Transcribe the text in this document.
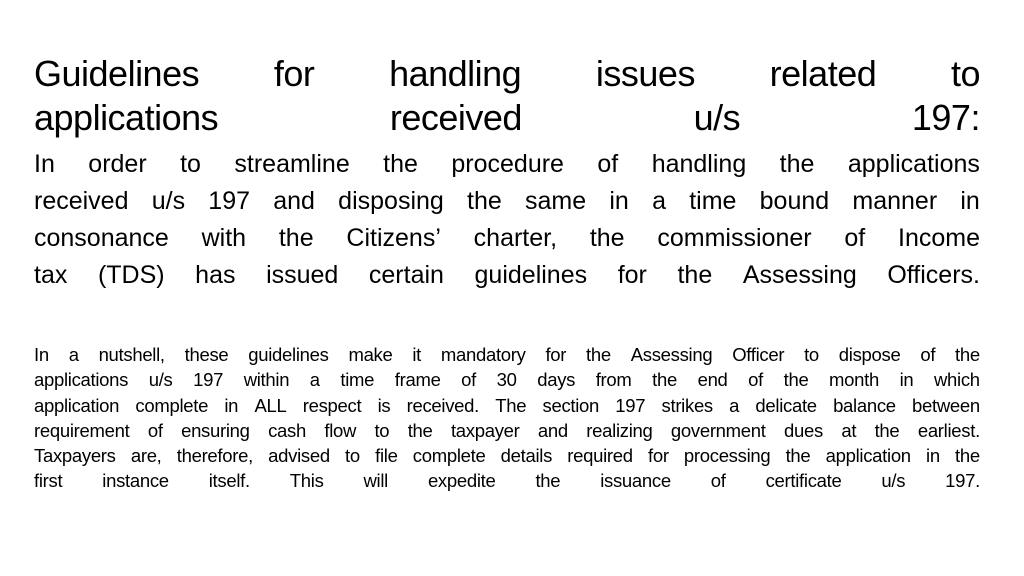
Guidelines for handling issues related to
applications	received	u/s	197:
In order to streamline the procedure of handling the applications
received u/s 197 and disposing the same in a time bound manner in
consonance with the Citizens’ charter, the commissioner of Income
tax (TDS) has issued certain guidelines for the Assessing Officers.
In a nutshell, these guidelines make it mandatory for the Assessing Officer to dispose of the
applications u/s 197 within a time frame of 30 days from the end of the month in which
application complete in ALL respect is received. The section 197 strikes a delicate balance between
requirement of ensuring cash flow to the taxpayer and realizing government dues at the earliest.
Taxpayers are, therefore, advised to file complete details required for processing the application in the
first instance itself. This will expedite the issuance of certificate u/s 197.
